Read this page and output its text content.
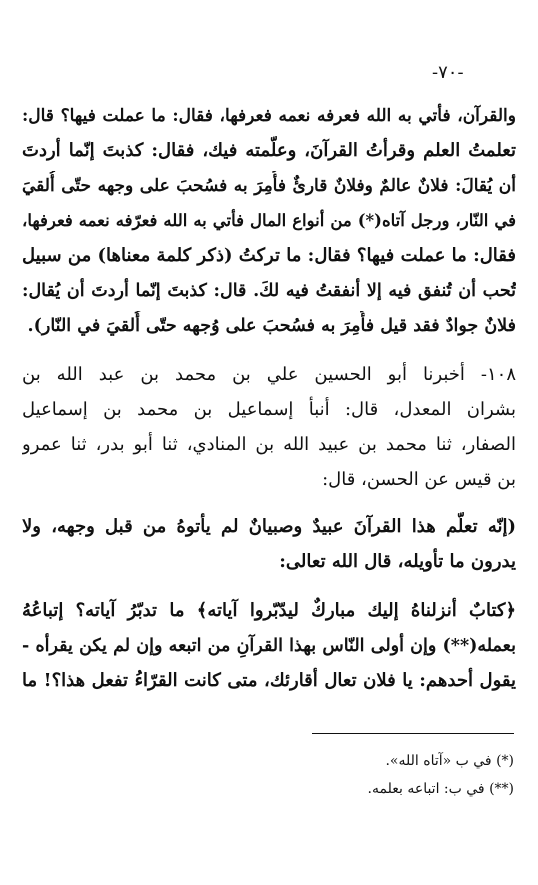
-٧٠-
والقرآن، فأتي به الله فعرفه نعمه فعرفها، فقال: ما عملت فيها؟ قال:
تعلمتُ العلم وقرأتُ القرآنَ، وعلّمته فيك، فقال: كذبتَ إنّما أردتَ
أن يُقالَ: فلانٌ عالمٌ وفلانٌ قارئٌ فأُمِرَ به فسُحبَ على وجهه حتّى أُلقيَ
في النّار، ورجل آتاه(*) من أنواع المال فأتي به الله فعرّفه نعمه فعرفها،
فقال: ما عملت فيها؟ فقال: ما تركتُ (ذكر كلمة معناها) من سبيل
تُحب أن تُنفق فيه إلا أنفقتُ فيه لكَ. قال: كذبتَ إنّما أردتَ أن يُقال:
فلانٌ جوادٌ فقد قيل فأُمِرَ به فسُحبَ على وُجهه حتّى أُلقيَ في النّار).
١٠٨- أخبرنا أبو الحسين علي بن محمد بن عبد الله بن
بشران المعدل، قال: أنبأ إسماعيل بن محمد بن إسماعيل
الصفار، ثنا محمد بن عبيد الله بن المنادي، ثنا أبو بدر، ثنا عمرو
بن قيس عن الحسن، قال:
(إنّه تعلّم هذا القرآنَ عبيدٌ وصبيانٌ لم يأتوهُ من قبل وجهه، ولا
يدرون ما تأويله، قال الله تعالى:
﴿كتابٌ أنزلناهُ إليك مباركٌ ليدّبّروا آياته﴾ ما تدبّرُ آياته؟ إتباعُهُ
بعمله(**) وإن أولى النّاس بهذا القرآنِ من اتبعه وإن لم يكن يقرأه -
يقول أحدهم: يا فلان تعال أقارئك، متى كانت القرّاءُ تفعل هذا؟! ما
(*) في ب «آتاه الله».
(**) في ب: اتباعه بعلمه.
